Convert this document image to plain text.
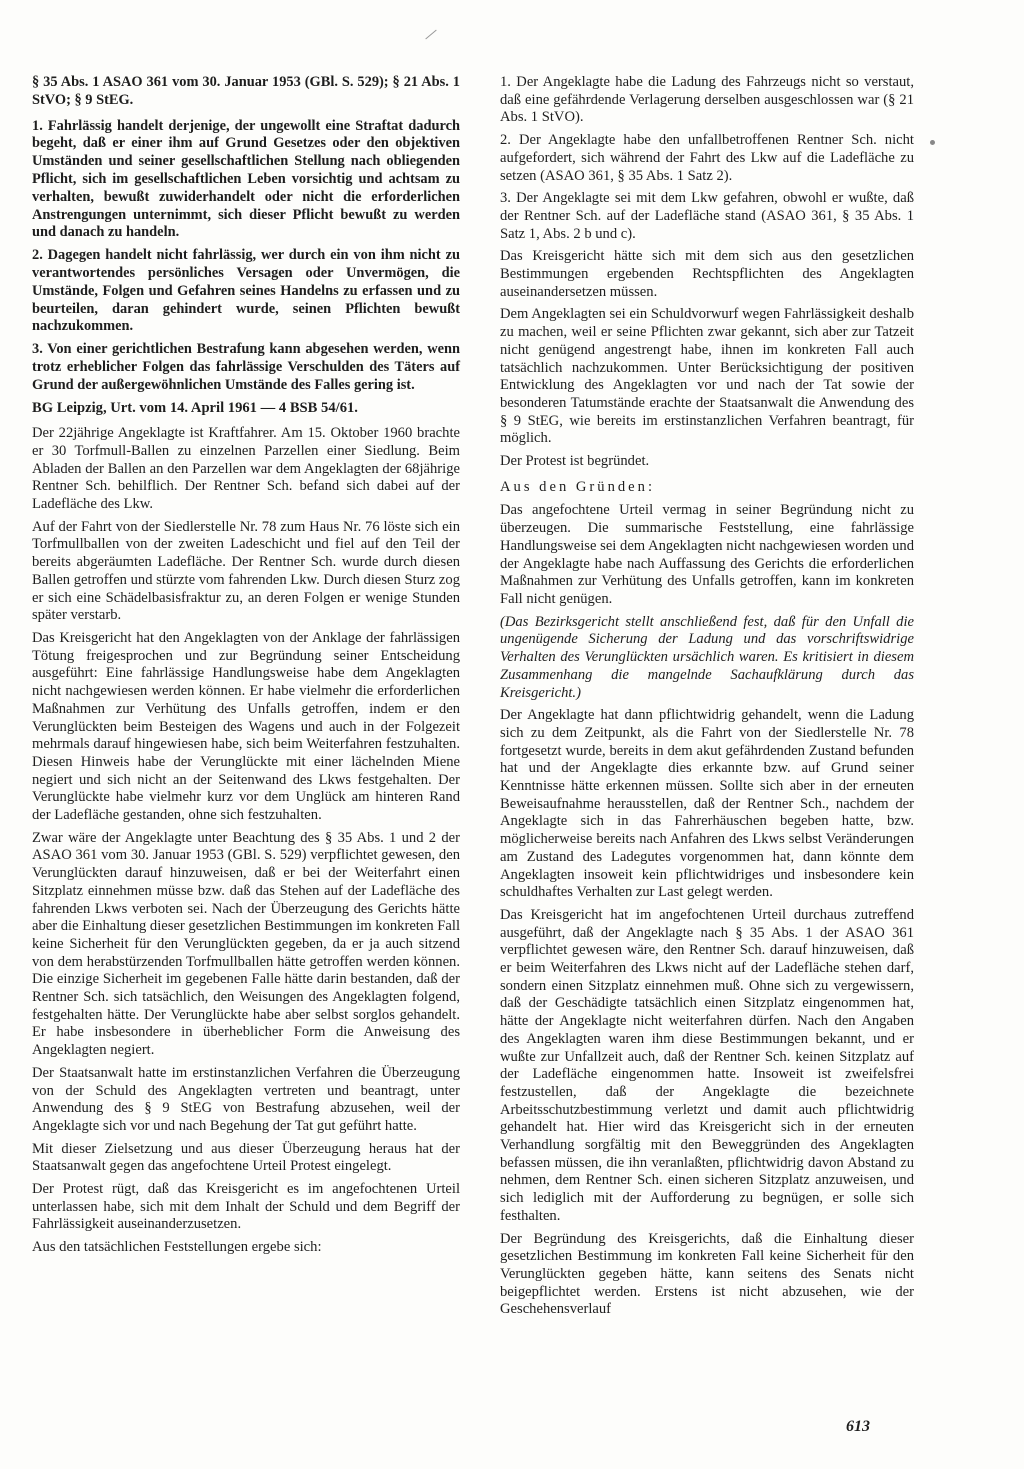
§ 35 Abs. 1 ASAO 361 vom 30. Januar 1953 (GBl. S. 529); § 21 Abs. 1 StVO; § 9 StEG.

1. Fahrlässig handelt derjenige, der ungewollt eine Straftat dadurch begeht, daß er einer ihm auf Grund Gesetzes oder den objektiven Umständen und seiner gesellschaftlichen Stellung nach obliegenden Pflicht, sich im gesellschaftlichen Leben vorsichtig und achtsam zu verhalten, bewußt zuwiderhandelt oder nicht die erforderlichen Anstrengungen unternimmt, sich dieser Pflicht bewußt zu werden und danach zu handeln.

2. Dagegen handelt nicht fahrlässig, wer durch ein von ihm nicht zu verantwortendes persönliches Versagen oder Unvermögen, die Umstände, Folgen und Gefahren seines Handelns zu erfassen und zu beurteilen, daran gehindert wurde, seinen Pflichten bewußt nachzukommen.

3. Von einer gerichtlichen Bestrafung kann abgesehen werden, wenn trotz erheblicher Folgen das fahrlässige Verschulden des Täters auf Grund der außergewöhnlichen Umstände des Falles gering ist.

BG Leipzig, Urt. vom 14. April 1961 — 4 BSB 54/61.

Der 22jährige Angeklagte ist Kraftfahrer. Am 15. Oktober 1960 brachte er 30 Torfmull-Ballen zu einzelnen Parzellen einer Siedlung. Beim Abladen der Ballen an den Parzellen war dem Angeklagten der 68jährige Rentner Sch. behilflich. Der Rentner Sch. befand sich dabei auf der Ladefläche des Lkw.

Auf der Fahrt von der Siedlerstelle Nr. 78 zum Haus Nr. 76 löste sich ein Torfmullballen von der zweiten Ladeschicht und fiel auf den Teil der bereits abgeräumten Ladefläche. Der Rentner Sch. wurde durch diesen Ballen getroffen und stürzte vom fahrenden Lkw. Durch diesen Sturz zog er sich eine Schädelbasisfraktur zu, an deren Folgen er wenige Stunden später verstarb.

Das Kreisgericht hat den Angeklagten von der Anklage der fahrlässigen Tötung freigesprochen und zur Begründung seiner Entscheidung ausgeführt: Eine fahrlässige Handlungsweise habe dem Angeklagten nicht nachgewiesen werden können. Er habe vielmehr die erforderlichen Maßnahmen zur Verhütung des Unfalls getroffen, indem er den Verunglückten beim Besteigen des Wagens und auch in der Folgezeit mehrmals darauf hingewiesen habe, sich beim Weiterfahren festzuhalten. Diesen Hinweis habe der Verunglückte mit einer lächelnden Miene negiert und sich nicht an der Seitenwand des Lkws festgehalten. Der Verunglückte habe vielmehr kurz vor dem Unglück am hinteren Rand der Ladefläche gestanden, ohne sich festzuhalten.

Zwar wäre der Angeklagte unter Beachtung des § 35 Abs. 1 und 2 der ASAO 361 vom 30. Januar 1953 (GBl. S. 529) verpflichtet gewesen, den Verunglückten darauf hinzuweisen, daß er bei der Weiterfahrt einen Sitzplatz einnehmen müsse bzw. daß das Stehen auf der Ladefläche des fahrenden Lkws verboten sei. Nach der Überzeugung des Gerichts hätte aber die Einhaltung dieser gesetzlichen Bestimmungen im konkreten Fall keine Sicherheit für den Verunglückten gegeben, da er ja auch sitzend von dem herabstürzenden Torfmullballen hätte getroffen werden können. Die einzige Sicherheit im gegebenen Falle hätte darin bestanden, daß der Rentner Sch. sich tatsächlich, den Weisungen des Angeklagten folgend, festgehalten hätte. Der Verunglückte habe aber selbst sorglos gehandelt. Er habe insbesondere in überheblicher Form die Anweisung des Angeklagten negiert.

Der Staatsanwalt hatte im erstinstanzlichen Verfahren die Überzeugung von der Schuld des Angeklagten vertreten und beantragt, unter Anwendung des § 9 StEG von Bestrafung abzusehen, weil der Angeklagte sich vor und nach Begehung der Tat gut geführt hatte.

Mit dieser Zielsetzung und aus dieser Überzeugung heraus hat der Staatsanwalt gegen das angefochtene Urteil Protest eingelegt.

Der Protest rügt, daß das Kreisgericht es im angefochtenen Urteil unterlassen habe, sich mit dem Inhalt der Schuld und dem Begriff der Fahrlässigkeit auseinanderzusetzen.

Aus den tatsächlichen Feststellungen ergebe sich:

1. Der Angeklagte habe die Ladung des Fahrzeugs nicht so verstaut, daß eine gefährdende Verlagerung derselben ausgeschlossen war (§ 21 Abs. 1 StVO).

2. Der Angeklagte habe den unfallbetroffenen Rentner Sch. nicht aufgefordert, sich während der Fahrt des Lkw auf die Ladefläche zu setzen (ASAO 361, § 35 Abs. 1 Satz 2).

3. Der Angeklagte sei mit dem Lkw gefahren, obwohl er wußte, daß der Rentner Sch. auf der Ladefläche stand (ASAO 361, § 35 Abs. 1 Satz 1, Abs. 2 b und c).

Das Kreisgericht hätte sich mit dem sich aus den gesetzlichen Bestimmungen ergebenden Rechtspflichten des Angeklagten auseinandersetzen müssen.

Dem Angeklagten sei ein Schuldvorwurf wegen Fahrlässigkeit deshalb zu machen, weil er seine Pflichten zwar gekannt, sich aber zur Tatzeit nicht genügend angestrengt habe, ihnen im konkreten Fall auch tatsächlich nachzukommen. Unter Berücksichtigung der positiven Entwicklung des Angeklagten vor und nach der Tat sowie der besonderen Tatumstände erachte der Staatsanwalt die Anwendung des § 9 StEG, wie bereits im erstinstanzlichen Verfahren beantragt, für möglich.

Der Protest ist begründet.

Aus den Gründen:

Das angefochtene Urteil vermag in seiner Begründung nicht zu überzeugen. Die summarische Feststellung, eine fahrlässige Handlungsweise sei dem Angeklagten nicht nachgewiesen worden und der Angeklagte habe nach Auffassung des Gerichts die erforderlichen Maßnahmen zur Verhütung des Unfalls getroffen, kann im konkreten Fall nicht genügen.

(Das Bezirksgericht stellt anschließend fest, daß für den Unfall die ungenügende Sicherung der Ladung und das vorschriftswidrige Verhalten des Verunglückten ursächlich waren. Es kritisiert in diesem Zusammenhang die mangelnde Sachaufklärung durch das Kreisgericht.)

Der Angeklagte hat dann pflichtwidrig gehandelt, wenn die Ladung sich zu dem Zeitpunkt, als die Fahrt von der Siedlerstelle Nr. 78 fortgesetzt wurde, bereits in dem akut gefährdenden Zustand befunden hat und der Angeklagte dies erkannte bzw. auf Grund seiner Kenntnisse hätte erkennen müssen. Sollte sich aber in der erneuten Beweisaufnahme herausstellen, daß der Rentner Sch., nachdem der Angeklagte sich in das Fahrerhäuschen begeben hatte, bzw. möglicherweise bereits nach Anfahren des Lkws selbst Veränderungen am Zustand des Ladegutes vorgenommen hat, dann könnte dem Angeklagten insoweit kein pflichtwidriges und insbesondere kein schuldhaftes Verhalten zur Last gelegt werden.

Das Kreisgericht hat im angefochtenen Urteil durchaus zutreffend ausgeführt, daß der Angeklagte nach § 35 Abs. 1 der ASAO 361 verpflichtet gewesen wäre, den Rentner Sch. darauf hinzuweisen, daß er beim Weiterfahren des Lkws nicht auf der Ladefläche stehen darf, sondern einen Sitzplatz einnehmen muß. Ohne sich zu vergewissern, daß der Geschädigte tatsächlich einen Sitzplatz eingenommen hat, hätte der Angeklagte nicht weiterfahren dürfen. Nach den Angaben des Angeklagten waren ihm diese Bestimmungen bekannt, und er wußte zur Unfallzeit auch, daß der Rentner Sch. keinen Sitzplatz auf der Ladefläche eingenommen hatte. Insoweit ist zweifelsfrei festzustellen, daß der Angeklagte die bezeichnete Arbeitsschutzbestimmung verletzt und damit auch pflichtwidrig gehandelt hat. Hier wird das Kreisgericht sich in der erneuten Verhandlung sorgfältig mit den Beweggründen des Angeklagten befassen müssen, die ihn veranlaßten, pflichtwidrig davon Abstand zu nehmen, dem Rentner Sch. einen sicheren Sitzplatz anzuweisen, und sich lediglich mit der Aufforderung zu begnügen, er solle sich festhalten.

Der Begründung des Kreisgerichts, daß die Einhaltung dieser gesetzlichen Bestimmung im konkreten Fall keine Sicherheit für den Verunglückten gegeben hätte, kann seitens des Senats nicht beigepflichtet werden. Erstens ist nicht abzusehen, wie der Geschehensverlauf

613
